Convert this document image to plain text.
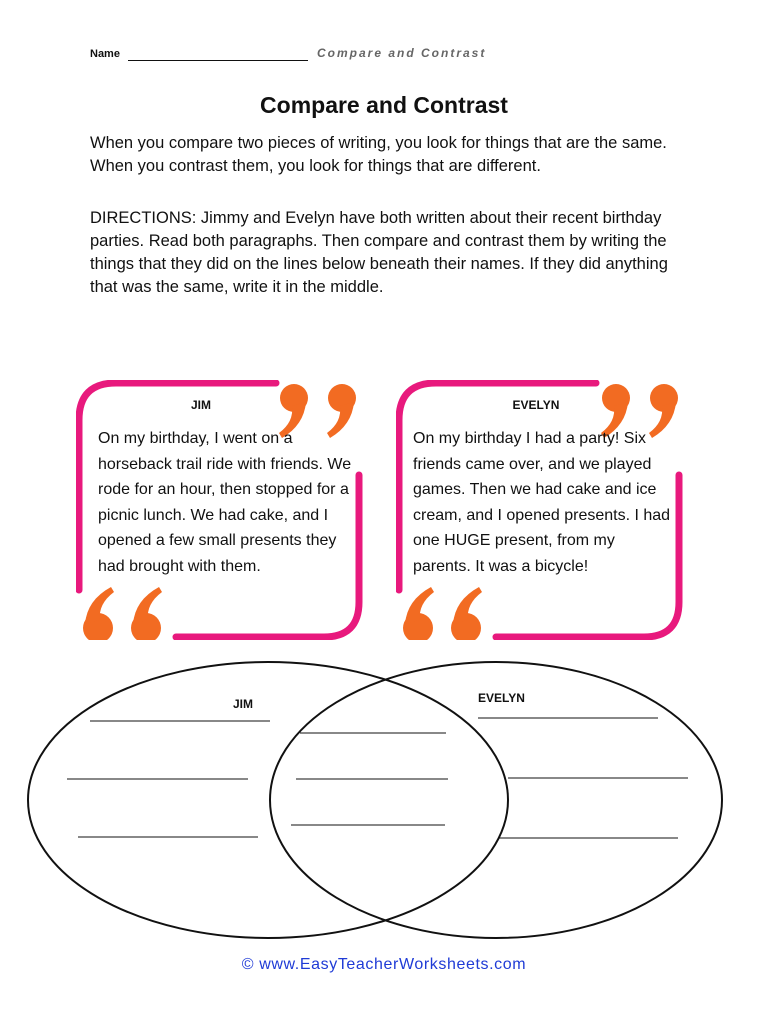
Name	Compare and Contrast
Compare and Contrast

When you compare two pieces of writing, you look for things that are the same. When you contrast them, you look for things that are different.

DIRECTIONS: Jimmy and Evelyn have both written about their recent birthday parties. Read both paragraphs. Then compare and contrast them by writing the things that they did on the lines below beneath their names. If they did anything that was the same, write it in the middle.

JIM

On my birthday, I went on a horseback trail ride with friends. We rode for an hour, then stopped for a picnic lunch. We had cake, and I opened a few small presents they had brought with them.

EVELYN

On my birthday I had a party! Six friends came over, and we played games. Then we had cake and ice cream, and I opened presents. I had one HUGE present, from my parents. It was a bicycle!

JIM	EVELYN
© www.EasyTeacherWorksheets.com
